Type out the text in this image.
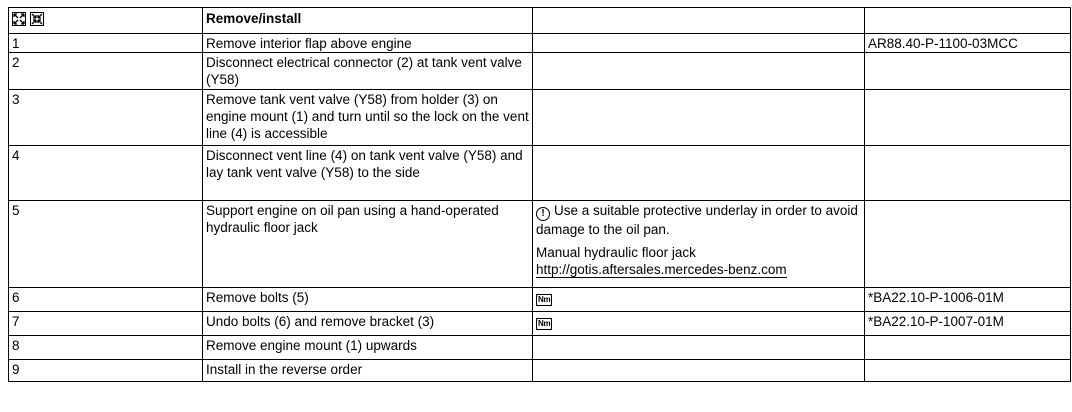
	Remove/install		
1	Remove interior flap above engine		AR88.40-P-1100-03MCC
2	Disconnect electrical connector (2) at tank vent valve (Y58)		
3	Remove tank vent valve (Y58) from holder (3) on engine mount (1) and turn until so the lock on the vent line (4) is accessible		
4	Disconnect vent line (4) on tank vent valve (Y58) and lay tank vent valve (Y58) to the side		
5	Support engine on oil pan using a hand-operated hydraulic floor jack	! Use a suitable protective underlay in order to avoid damage to the oil pan.

Manual hydraulic floor jack

http://gotis.aftersales.mercedes-benz.com	

6	Remove bolts (5)	Nm	*BA22.10-P-1006-01M
7	Undo bolts (6) and remove bracket (3)	Nm	*BA22.10-P-1007-01M
8	Remove engine mount (1) upwards		
9	Install in the reverse order		
